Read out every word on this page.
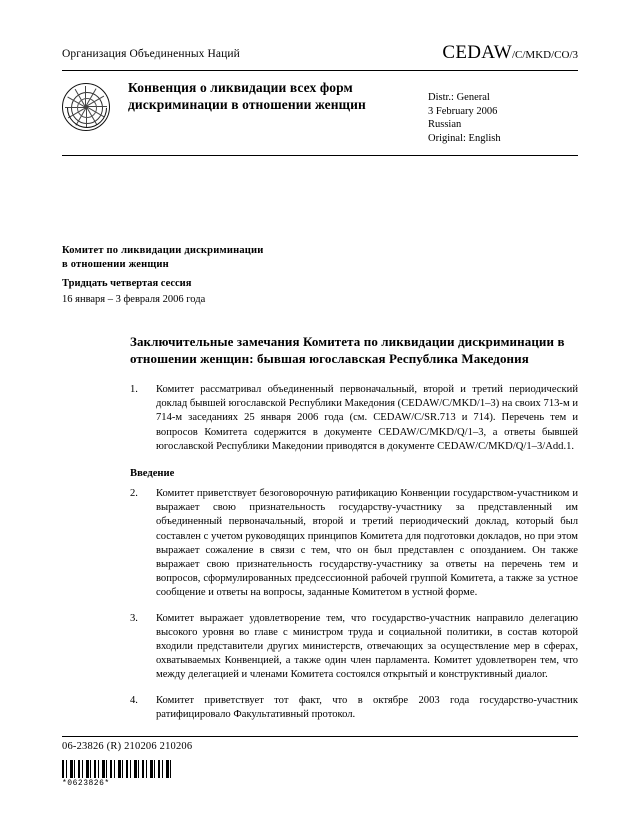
Организация Объединенных Наций	CEDAW/C/MKD/CO/3
Конвенция о ликвидации всех форм дискриминации в отношении женщин	Distr.: General
3 February 2006
Russian
Original: English
Комитет по ликвидации дискриминации
в отношении женщин
Тридцать четвертая сессия
16 января – 3 февраля 2006 года
Заключительные замечания Комитета по ликвидации дискриминации в отношении женщин: бывшая югославская Республика Македония
1.	Комитет рассматривал объединенный первоначальный, второй и третий периодический доклад бывшей югославской Республики Македония (CEDAW/C/MKD/1–3) на своих 713-м и 714-м заседаниях 25 января 2006 года (см. CEDAW/C/SR.713 и 714). Перечень тем и вопросов Комитета содержится в документе CEDAW/C/MKD/Q/1–3, а ответы бывшей югославской Республики Македонии приводятся в документе CEDAW/C/MKD/Q/1–3/Add.1.
Введение
2.	Комитет приветствует безоговорочную ратификацию Конвенции государством-участником и выражает свою признательность государству-участнику за представленный им объединенный первоначальный, второй и третий периодический доклад, который был составлен с учетом руководящих принципов Комитета для подготовки докладов, но при этом выражает сожаление в связи с тем, что он был представлен с опозданием. Он также выражает свою признательность государству-участнику за ответы на перечень тем и вопросов, сформулированных предсессионной рабочей группой Комитета, а также за устное сообщение и ответы на вопросы, заданные Комитетом в устной форме.
3.	Комитет выражает удовлетворение тем, что государство-участник направило делегацию высокого уровня во главе с министром труда и социальной политики, в состав которой входили представители других министерств, отвечающих за осуществление мер в сферах, охватываемых Конвенцией, а также один член парламента. Комитет удовлетворен тем, что между делегацией и членами Комитета состоялся открытый и конструктивный диалог.
4.	Комитет приветствует тот факт, что в октябре 2003 года государство-участник ратифицировало Факультативный протокол.
06-23826 (R) 210206 210206
*0623826*
